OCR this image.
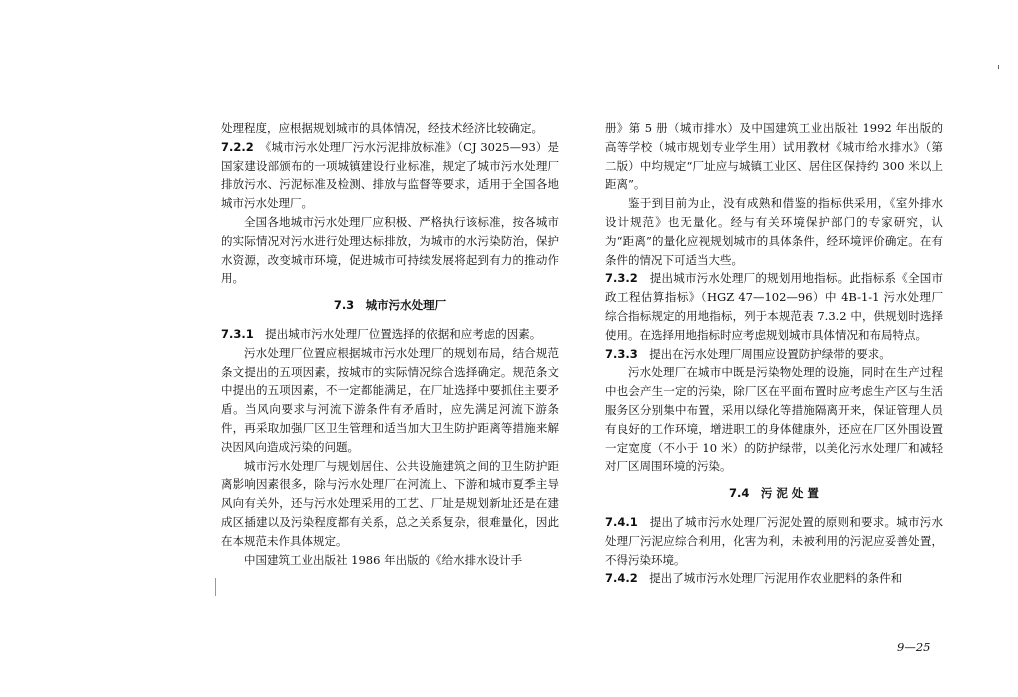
处理程度，应根据规划城市的具体情况，经技术经济比较确定。

7.2.2　 《城市污水处理厂污水污泥排放标准》（CJ 3025—93）是国家建设部颁布的一项城镇建设行业标准，规定了城市污水处理厂排放污水、污泥标准及检测、排放与监督等要求，适用于全国各地城市污水处理厂。

全国各地城市污水处理厂应积极、严格执行该标准，按各城市的实际情况对污水进行处理达标排放，为城市的水污染防治，保护水资源，改变城市环境，促进城市可持续发展将起到有力的推动作用。

7.3　城市污水处理厂

7.3.1　 提出城市污水处理厂位置选择的依据和应考虑的因素。

污水处理厂位置应根据城市污水处理厂的规划布局，结合规范条文提出的五项因素，按城市的实际情况综合选择确定。规范条文中提出的五项因素，不一定都能满足，在厂址选择中要抓住主要矛盾。当风向要求与河流下游条件有矛盾时，应先满足河流下游条件，再采取加强厂区卫生管理和适当加大卫生防护距离等措施来解决因风向造成污染的问题。

城市污水处理厂与规划居住、公共设施建筑之间的卫生防护距离影响因素很多，除与污水处理厂在河流上、下游和城市夏季主导风向有关外，还与污水处理采用的工艺、厂址是规划新址还是在建成区插建以及污染程度都有关系，总之关系复杂，很难量化，因此在本规范未作具体规定。

中国建筑工业出版社 1986 年出版的《给水排水设计手

册》第 5 册（城市排水）及中国建筑工业出版社 1992 年出版的高等学校（城市规划专业学生用）试用教材《城市给水排水》（第二版）中均规定“厂址应与城镇工业区、居住区保持约 300 米以上距离”。

鉴于到目前为止，没有成熟和借鉴的指标供采用，《室外排水设计规范》也无量化。经与有关环境保护部门的专家研究，认为“距离”的量化应视规划城市的具体条件，经环境评价确定。在有条件的情况下可适当大些。

7.3.2　 提出城市污水处理厂的规划用地指标。此指标系《全国市政工程估算指标》（HGZ 47—102—96）中 4B-1-1 污水处理厂综合指标规定的用地指标，列于本规范表 7.3.2 中，供规划时选择使用。在选择用地指标时应考虑规划城市具体情况和布局特点。

7.3.3　 提出在污水处理厂周围应设置防护绿带的要求。

污水处理厂在城市中既是污染物处理的设施，同时在生产过程中也会产生一定的污染，除厂区在平面布置时应考虑生产区与生活服务区分别集中布置，采用以绿化等措施隔离开来，保证管理人员有良好的工作环境，增进职工的身体健康外，还应在厂区外围设置一定宽度（不小于 10 米）的防护绿带，以美化污水处理厂和减轻对厂区周围环境的污染。

7.4　污 泥 处 置

7.4.1　 提出了城市污水处理厂污泥处置的原则和要求。城市污水处理厂污泥应综合利用，化害为利，未被利用的污泥应妥善处置，不得污染环境。

7.4.2　 提出了城市污水处理厂污泥用作农业肥料的条件和

9—25
